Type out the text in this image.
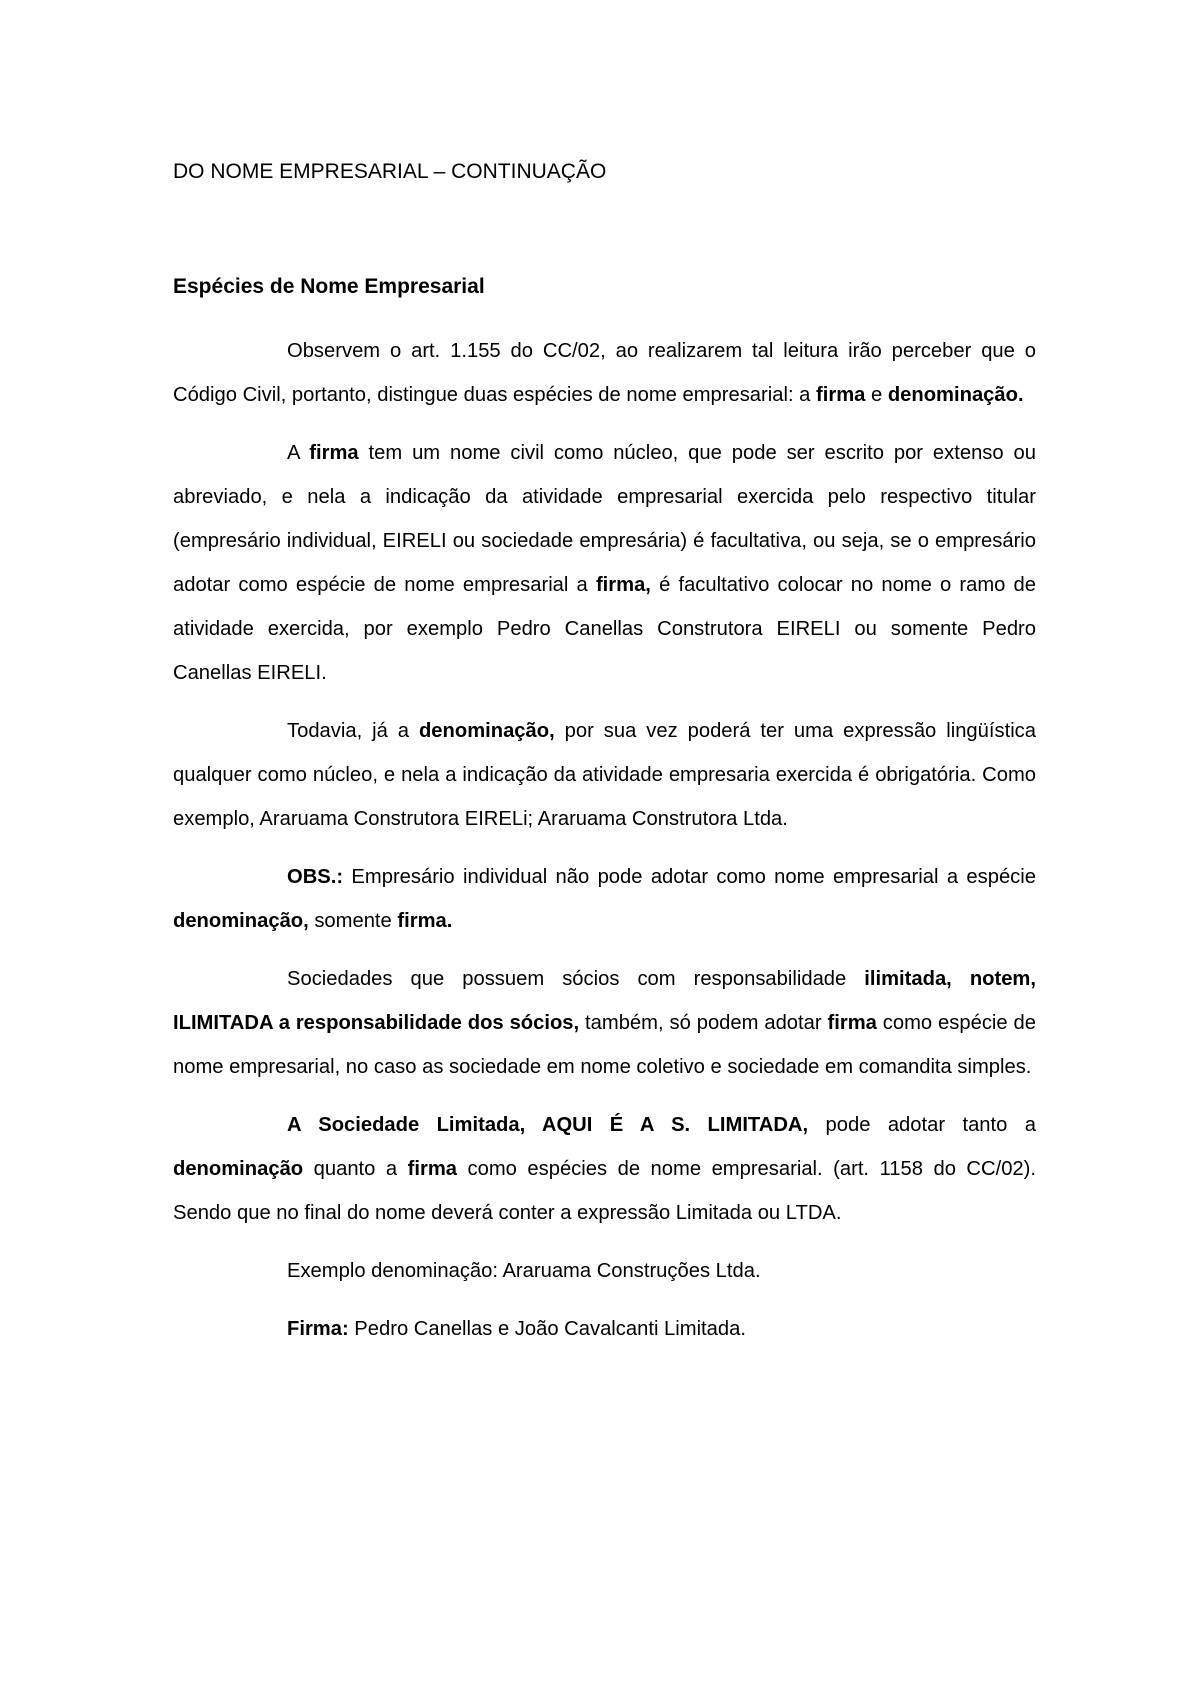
DO NOME EMPRESARIAL – CONTINUAÇÃO
Espécies de Nome Empresarial

Observem o art. 1.155 do CC/02, ao realizarem tal leitura irão perceber que o Código Civil, portanto, distingue duas espécies de nome empresarial: a firma e denominação.

A firma tem um nome civil como núcleo, que pode ser escrito por extenso ou abreviado, e nela a indicação da atividade empresarial exercida pelo respectivo titular (empresário individual, EIRELI ou sociedade empresária) é facultativa, ou seja, se o empresário adotar como espécie de nome empresarial a firma, é facultativo colocar no nome o ramo de atividade exercida, por exemplo Pedro Canellas Construtora EIRELI ou somente Pedro Canellas EIRELI.

Todavia, já a denominação, por sua vez poderá ter uma expressão lingüística qualquer como núcleo, e nela a indicação da atividade empresaria exercida é obrigatória. Como exemplo, Araruama Construtora EIRELi; Araruama Construtora Ltda.

OBS.: Empresário individual não pode adotar como nome empresarial a espécie denominação, somente firma.

Sociedades que possuem sócios com responsabilidade ilimitada, notem, ILIMITADA a responsabilidade dos sócios, também, só podem adotar firma como espécie de nome empresarial, no caso as sociedade em nome coletivo e sociedade em comandita simples.

A Sociedade Limitada, AQUI É A S. LIMITADA, pode adotar tanto a denominação quanto a firma como espécies de nome empresarial. (art. 1158 do CC/02). Sendo que no final do nome deverá conter a expressão Limitada ou LTDA.

Exemplo denominação: Araruama Construções Ltda.

Firma: Pedro Canellas e João Cavalcanti Limitada.
